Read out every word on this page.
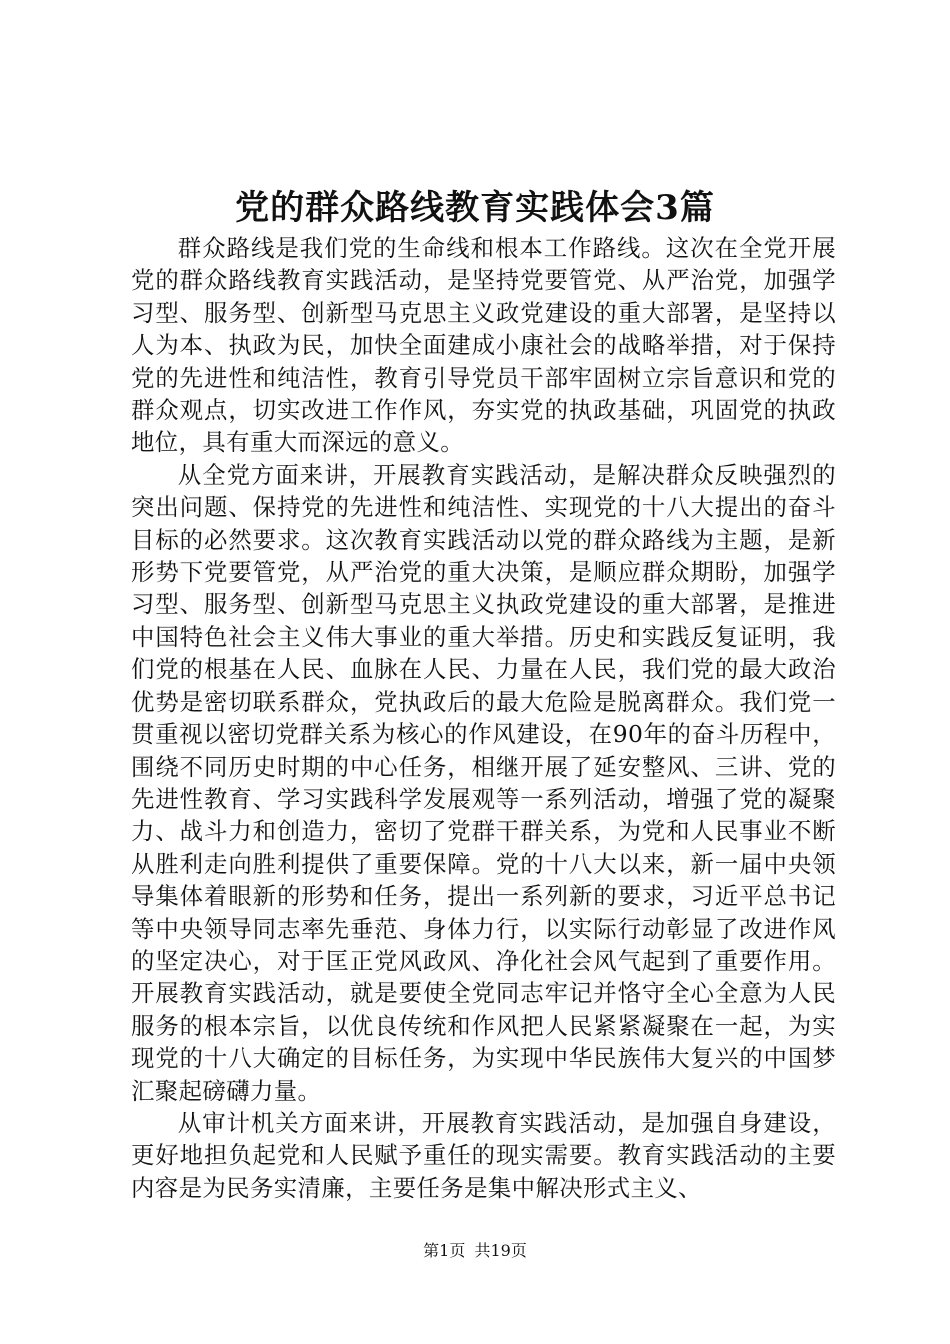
党的群众路线教育实践体会3篇

群众路线是我们党的生命线和根本工作路线。这次在全党开展党的群众路线教育实践活动，是坚持党要管党、从严治党，加强学习型、服务型、创新型马克思主义政党建设的重大部署，是坚持以人为本、执政为民，加快全面建成小康社会的战略举措，对于保持党的先进性和纯洁性，教育引导党员干部牢固树立宗旨意识和党的群众观点，切实改进工作作风，夯实党的执政基础，巩固党的执政地位，具有重大而深远的意义。

从全党方面来讲，开展教育实践活动，是解决群众反映强烈的突出问题、保持党的先进性和纯洁性、实现党的十八大提出的奋斗目标的必然要求。这次教育实践活动以党的群众路线为主题，是新形势下党要管党，从严治党的重大决策，是顺应群众期盼，加强学习型、服务型、创新型马克思主义执政党建设的重大部署，是推进中国特色社会主义伟大事业的重大举措。历史和实践反复证明，我们党的根基在人民、血脉在人民、力量在人民，我们党的最大政治优势是密切联系群众，党执政后的最大危险是脱离群众。我们党一贯重视以密切党群关系为核心的作风建设，在90年的奋斗历程中，围绕不同历史时期的中心任务，相继开展了延安整风、三讲、党的先进性教育、学习实践科学发展观等一系列活动，增强了党的凝聚力、战斗力和创造力，密切了党群干群关系，为党和人民事业不断从胜利走向胜利提供了重要保障。党的十八大以来，新一届中央领导集体着眼新的形势和任务，提出一系列新的要求，习近平总书记等中央领导同志率先垂范、身体力行，以实际行动彰显了改进作风的坚定决心，对于匡正党风政风、净化社会风气起到了重要作用。开展教育实践活动，就是要使全党同志牢记并恪守全心全意为人民服务的根本宗旨，以优良传统和作风把人民紧紧凝聚在一起，为实现党的十八大确定的目标任务，为实现中华民族伟大复兴的中国梦汇聚起磅礴力量。

从审计机关方面来讲，开展教育实践活动，是加强自身建设，更好地担负起党和人民赋予重任的现实需要。教育实践活动的主要内容是为民务实清廉，主要任务是集中解决形式主义、

第1页 共19页
